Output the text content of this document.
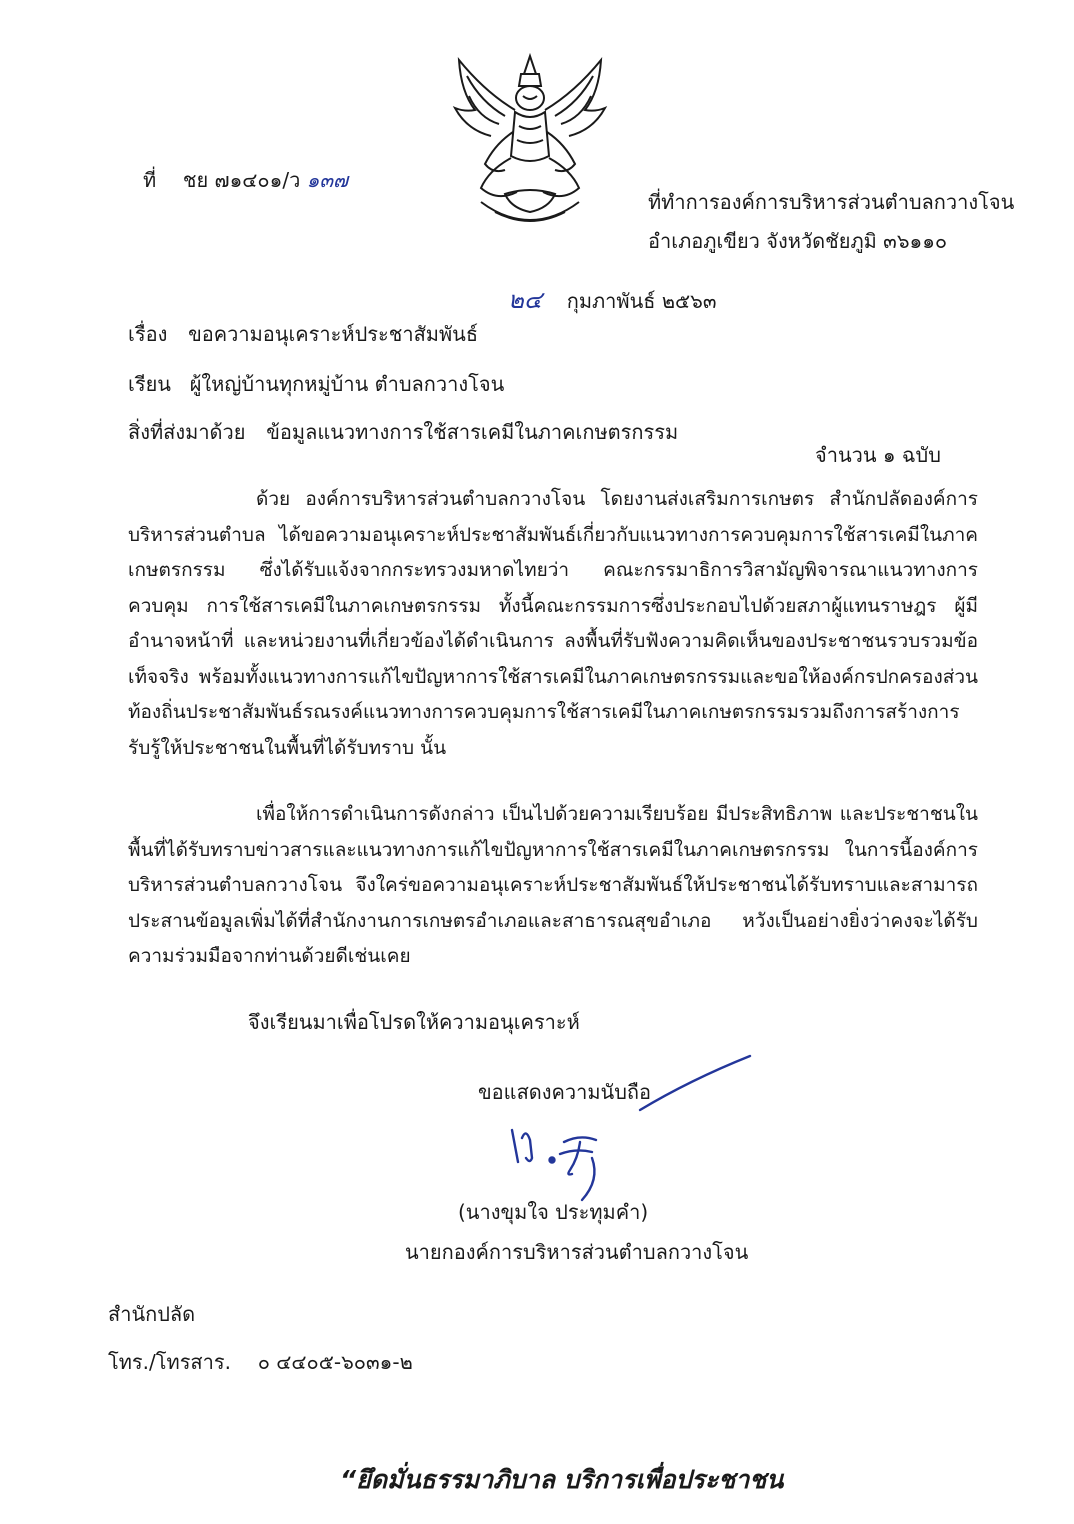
ที่ ชย ๗๑๔๐๑/ว ๑๓๗
ที่ทำการองค์การบริหารส่วนตำบลกวางโจน
อำเภอภูเขียว จังหวัดชัยภูมิ ๓๖๑๑๐
๒๔ กุมภาพันธ์ ๒๕๖๓
เรื่อง ขอความอนุเคราะห์ประชาสัมพันธ์
เรียน ผู้ใหญ่บ้านทุกหมู่บ้าน ตำบลกวางโจน
สิ่งที่ส่งมาด้วย ข้อมูลแนวทางการใช้สารเคมีในภาคเกษตรกรรม
จำนวน ๑ ฉบับ
ด้วย องค์การบริหารส่วนตำบลกวางโจน โดยงานส่งเสริมการเกษตร สำนักปลัดองค์การบริหารส่วนตำบล ได้ขอความอนุเคราะห์ประชาสัมพันธ์เกี่ยวกับแนวทางการควบคุมการใช้สารเคมีในภาคเกษตรกรรม ซึ่งได้รับแจ้งจากกระทรวงมหาดไทยว่า คณะกรรมาธิการวิสามัญพิจารณาแนวทางการควบคุม การใช้สารเคมีในภาคเกษตรกรรม ทั้งนี้คณะกรรมการซึ่งประกอบไปด้วยสภาผู้แทนราษฎร ผู้มีอำนาจหน้าที่ และหน่วยงานที่เกี่ยวข้องได้ดำเนินการ ลงพื้นที่รับฟังความคิดเห็นของประชาชนรวบรวมข้อเท็จจริง พร้อมทั้งแนวทางการแก้ไขปัญหาการใช้สารเคมีในภาคเกษตรกรรมและขอให้องค์กรปกครองส่วนท้องถิ่นประชาสัมพันธ์รณรงค์แนวทางการควบคุมการใช้สารเคมีในภาคเกษตรกรรมรวมถึงการสร้างการรับรู้ให้ประชาชนในพื้นที่ได้รับทราบ นั้น
เพื่อให้การดำเนินการดังกล่าว เป็นไปด้วยความเรียบร้อย มีประสิทธิภาพ และประชาชนในพื้นที่ได้รับทราบข่าวสารและแนวทางการแก้ไขปัญหาการใช้สารเคมีในภาคเกษตรกรรม ในการนี้องค์การบริหารส่วนตำบลกวางโจน จึงใคร่ขอความอนุเคราะห์ประชาสัมพันธ์ให้ประชาชนได้รับทราบและสามารถประสานข้อมูลเพิ่มได้ที่สำนักงานการเกษตรอำเภอและสาธารณสุขอำเภอ หวังเป็นอย่างยิ่งว่าคงจะได้รับความร่วมมือจากท่านด้วยดีเช่นเคย
จึงเรียนมาเพื่อโปรดให้ความอนุเคราะห์
ขอแสดงความนับถือ
(นางขุมใจ ประทุมคำ)
นายกองค์การบริหารส่วนตำบลกวางโจน
สำนักปลัด
โทร./โทรสาร. ๐ ๔๔๐๕-๖๐๓๑-๒
“ยึดมั่นธรรมาภิบาล บริการเพื่อประชาชน
